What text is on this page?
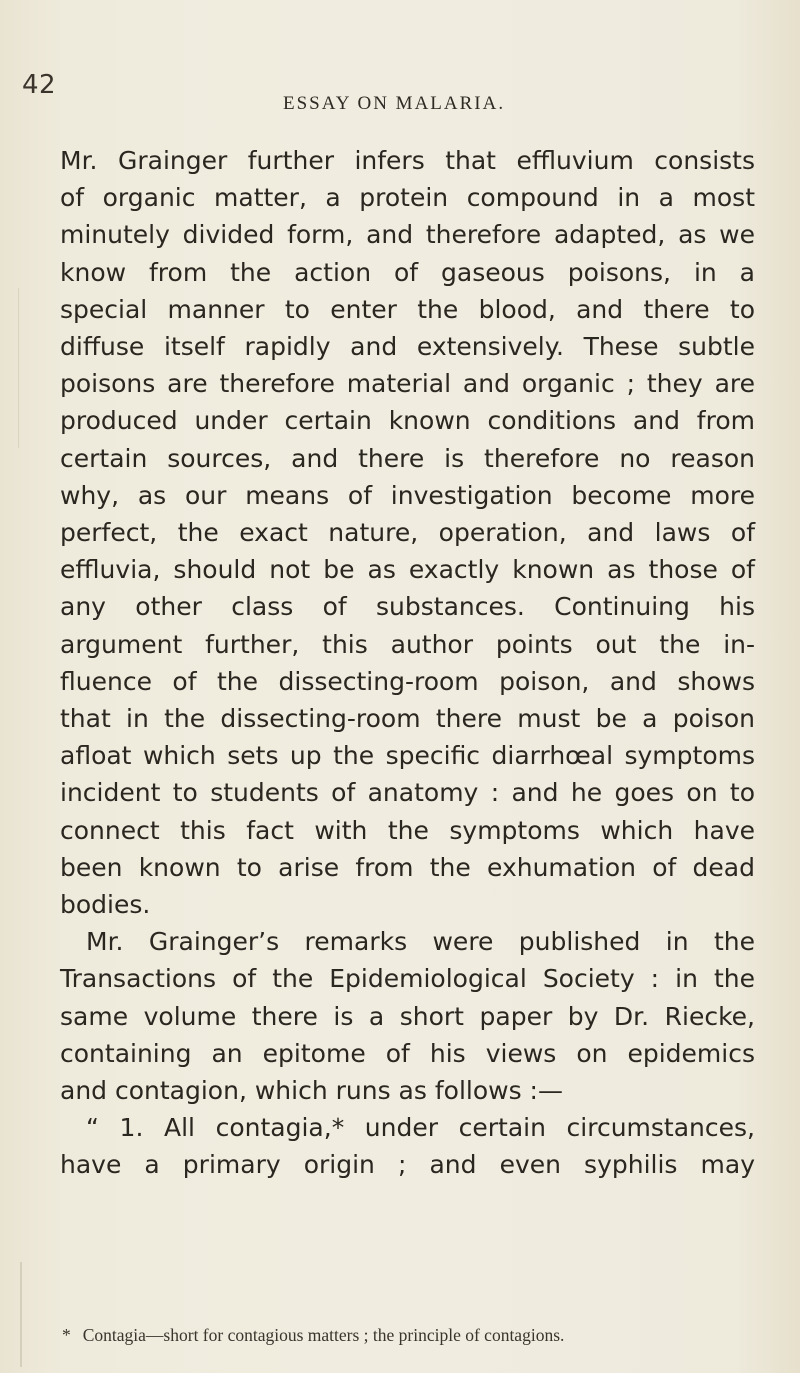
42
ESSAY ON MALARIA.
Mr. Grainger further infers that effluvium consists
of organic matter, a protein compound in a most
minutely divided form, and therefore adapted, as we
know from the action of gaseous poisons, in a
special manner to enter the blood, and there to
diffuse itself rapidly and extensively. These subtle
poisons are therefore material and organic ; they are
produced under certain known conditions and from
certain sources, and there is therefore no reason
why, as our means of investigation become more
perfect, the exact nature, operation, and laws of
effluvia, should not be as exactly known as those of
any other class of substances. Continuing his
argument further, this author points out the in-
fluence of the dissecting-room poison, and shows
that in the dissecting-room there must be a poison
afloat which sets up the specific diarrhœal symptoms
incident to students of anatomy : and he goes on to
connect this fact with the symptoms which have
been known to arise from the exhumation of dead
bodies.
Mr. Grainger’s remarks were published in the
Transactions of the Epidemiological Society : in the
same volume there is a short paper by Dr. Riecke,
containing an epitome of his views on epidemics
and contagion, which runs as follows :—
“ 1. All contagia,* under certain circumstances,
have a primary origin ; and even syphilis may
* Contagia—short for contagious matters ; the principle of contagions.
